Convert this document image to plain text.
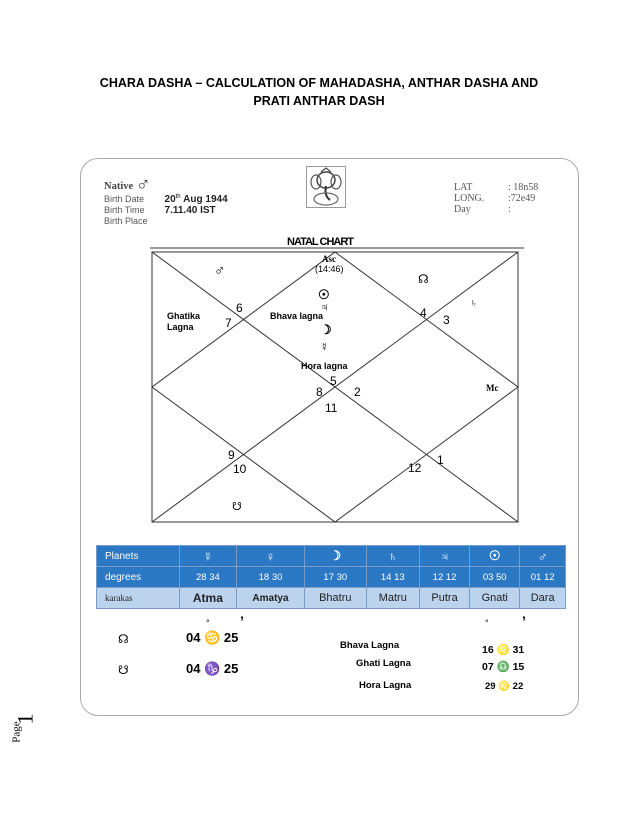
CHARA DASHA – CALCULATION OF MAHADASHA, ANTHAR DASHA AND
PRATI ANTHAR DASH
Page
1
Native ♂
Birth Date 20th Aug 1944
Birth Time 7.11.40 IST
Birth Place
LAT	: 18n58
LONG. :72e49
Day	:
NATAL CHART
Asc
(14:46)
5
4 3
2
1
12
11
10
9
8
7
6
Ghatika
Lagna
Bhava lagna
Hora lagna
Mc
♂	☊
♄
☉
♃
☽
☿
☋
Planets	☿	♀	☽	♄	♃	☉	♂
degrees	28 34	18 30	17 30	14 13	12 12	03 50	01 12
karakas	Atma	Amatya	Bhatru	Matru	Putra	Gnati	Dara
° ’	° ’
☊	04 ♋ 25
☋	04 ♑ 25
Bhava Lagna	16 ♌ 31
Ghati Lagna	07 ♎ 15
Hora Lagna	29 ♌ 22
